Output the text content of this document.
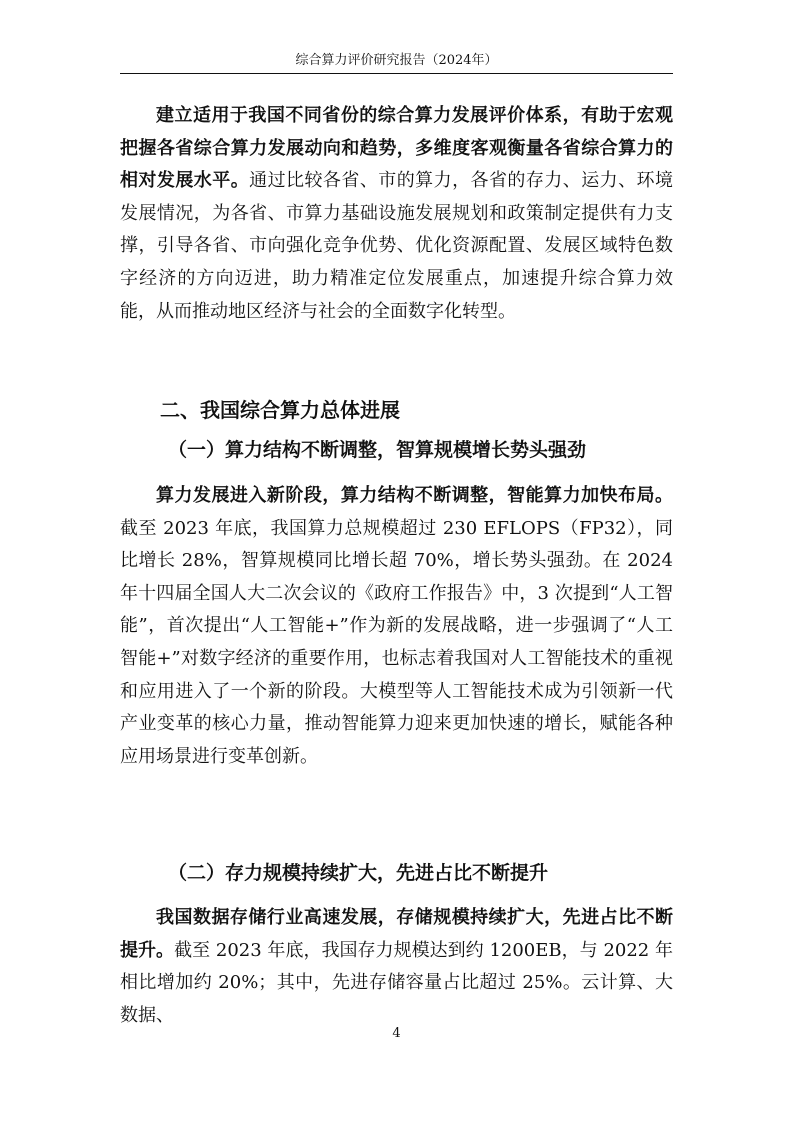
综合算力评价研究报告（2024年）

建立适用于我国不同省份的综合算力发展评价体系，有助于宏观把握各省综合算力发展动向和趋势，多维度客观衡量各省综合算力的相对发展水平。通过比较各省、市的算力，各省的存力、运力、环境发展情况，为各省、市算力基础设施发展规划和政策制定提供有力支撑，引导各省、市向强化竞争优势、优化资源配置、发展区域特色数字经济的方向迈进，助力精准定位发展重点，加速提升综合算力效能，从而推动地区经济与社会的全面数字化转型。

二、我国综合算力总体进展
（一）算力结构不断调整，智算规模增长势头强劲

算力发展进入新阶段，算力结构不断调整，智能算力加快布局。截至 2023 年底，我国算力总规模超过 230 EFLOPS（FP32），同比增长 28%，智算规模同比增长超 70%，增长势头强劲。在 2024 年十四届全国人大二次会议的《政府工作报告》中，3 次提到“人工智能”，首次提出“人工智能+”作为新的发展战略，进一步强调了“人工智能+”对数字经济的重要作用，也标志着我国对人工智能技术的重视和应用进入了一个新的阶段。大模型等人工智能技术成为引领新一代产业变革的核心力量，推动智能算力迎来更加快速的增长，赋能各种应用场景进行变革创新。

（二）存力规模持续扩大，先进占比不断提升

我国数据存储行业高速发展，存储规模持续扩大，先进占比不断提升。截至 2023 年底，我国存力规模达到约 1200EB，与 2022 年相比增加约 20%；其中，先进存储容量占比超过 25%。云计算、大数据、

4
